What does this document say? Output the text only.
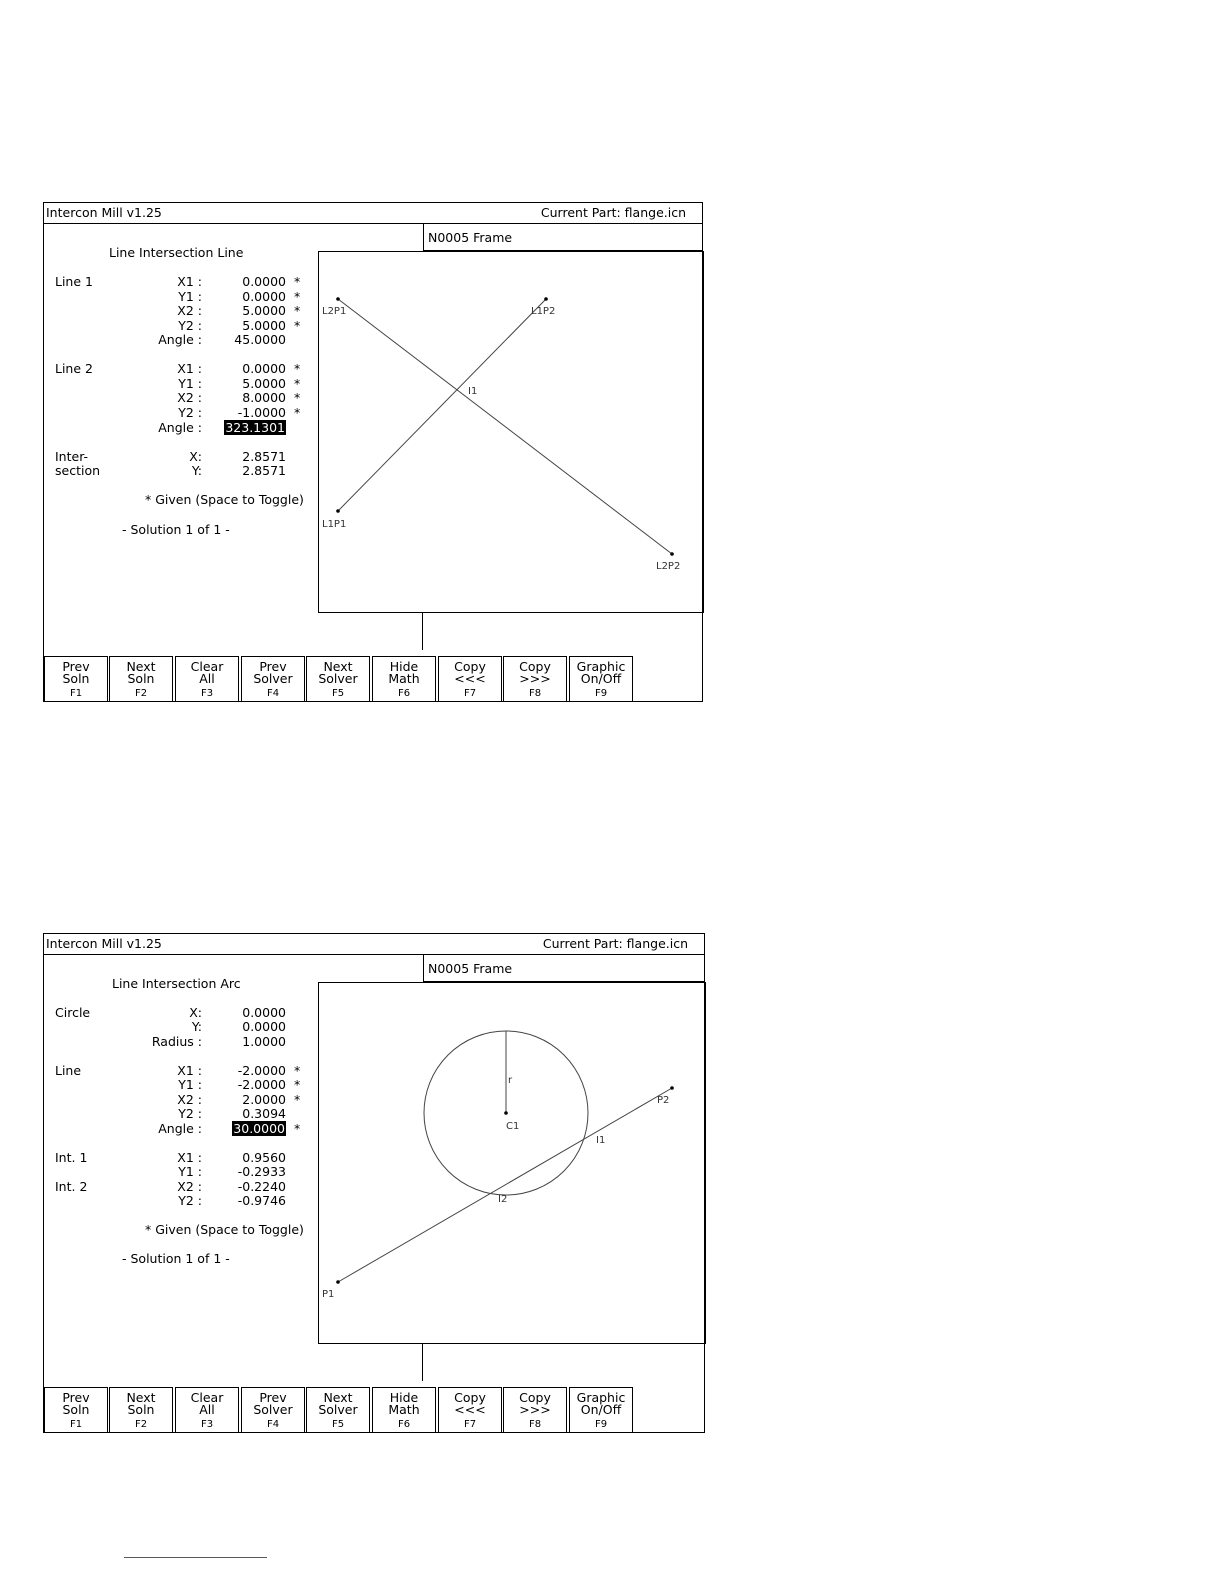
Intercon Mill v1.25	Current Part: flange.icn
N0005 Frame
Line Intersection Line
Line 1	X1 :	0.0000 *
Y1 :	0.0000 *
X2 :	5.0000 *
Y2 :	5.0000 *
Angle :	45.0000
Line 2	X1 :	0.0000 *
Y1 :	5.0000 *
X2 :	8.0000 *
Y2 :	-1.0000 *
Angle : 323.1301
Inter-
section
X:	2.8571
Y:	2.8571
* Given (Space to Toggle)
- Solution 1 of 1 -
L2P1	L1P2
I1
L1P1
L2P2
Prev
Soln
F1
Next
Soln
F2
Clear
All
F3
Prev
Solver
F4
Next
Solver
F5
Hide
Math
F6
Copy
<<<
F7
Copy
>>>
F8
Graphic
On/Off
F9
Intercon Mill v1.25	Current Part: flange.icn
N0005 Frame
Line Intersection Arc
Circle	X:	0.0000
Y:	0.0000
Radius :	1.0000
Line	X1 :	-2.0000 *
Y1 :	-2.0000 *
X2 :	2.0000 *
Y2 :	0.3094
Angle :	30.0000 *
Int. 1	X1 :	0.9560
Y1 :	-0.2933
Int. 2	X2 :	-0.2240
Y2 :	-0.9746
* Given (Space to Toggle)
- Solution 1 of 1 -
r
C1
P2
I1
I2
P1
Prev
Soln
F1
Next
Soln
F2
Clear
All
F3
Prev
Solver
F4
Next
Solver
F5
Hide
Math
F6
Copy
<<<
F7
Copy
>>>
F8
Graphic
On/Off
F9
